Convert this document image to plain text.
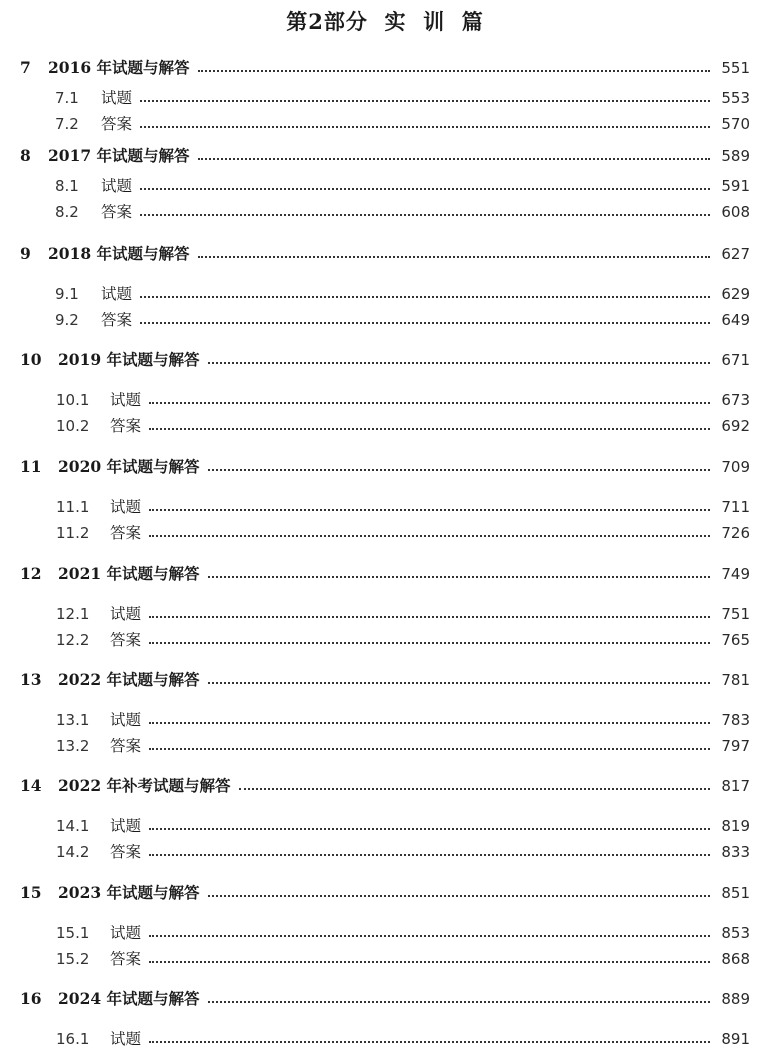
第2部分  实  训  篇
7 2016 年试题与解答	551
7.1 试题	553
7.2 答案	570
8 2017 年试题与解答	589
8.1 试题	591
8.2 答案	608
9 2018 年试题与解答	627
9.1 试题	629
9.2 答案	649
10 2019 年试题与解答	671
10.1 试题	673
10.2 答案	692
11 2020 年试题与解答	709
11.1 试题	711
11.2 答案	726
12 2021 年试题与解答	749
12.1 试题	751
12.2 答案	765
13 2022 年试题与解答	781
13.1 试题	783
13.2 答案	797
14 2022 年补考试题与解答	817
14.1 试题	819
14.2 答案	833
15 2023 年试题与解答	851
15.1 试题	853
15.2 答案	868
16 2024 年试题与解答	889
16.1 试题	891
